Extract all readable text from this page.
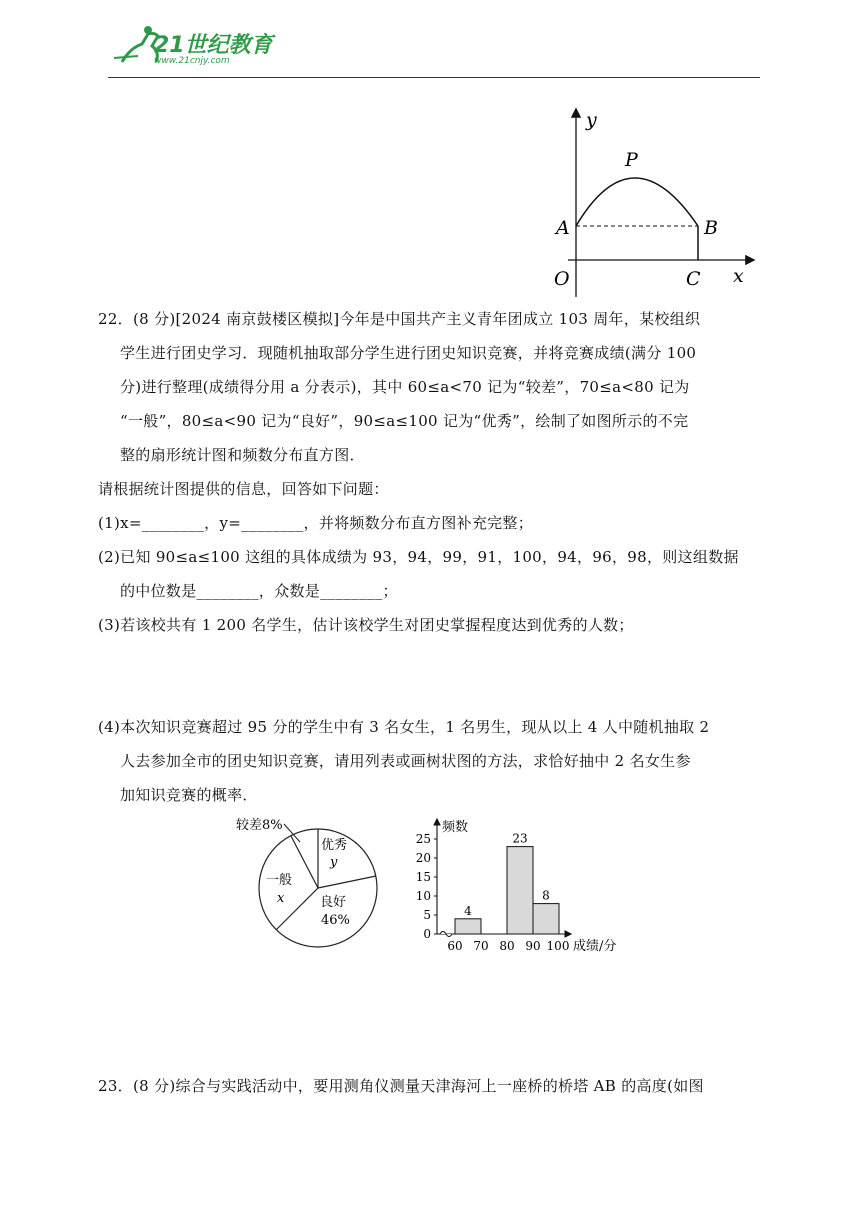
21世纪教育
www.21cnjy.com
y
P
A	B
O	C x
22．(8 分)[2024 南京鼓楼区模拟]今年是中国共产主义青年团成立 103 周年，某校组织
学生进行团史学习．现随机抽取部分学生进行团史知识竞赛，并将竞赛成绩(满分 100
分)进行整理(成绩得分用 a 分表示)，其中 60≤a<70 记为“较差”，70≤a<80 记为
“一般”，80≤a<90 记为“良好”，90≤a≤100 记为“优秀”，绘制了如图所示的不完
整的扇形统计图和频数分布直方图．
请根据统计图提供的信息，回答如下问题：
(1)x=________，y=________，并将频数分布直方图补充完整；
(2)已知 90≤a≤100 这组的具体成绩为 93，94，99，91，100，94，96，98，则这组数据
的中位数是________，众数是________；
(3)若该校共有 1 200 名学生，估计该校学生对团史掌握程度达到优秀的人数；
(4)本次知识竞赛超过 95 分的学生中有 3 名女生，1 名男生，现从以上 4 人中随机抽取 2
人去参加全市的团史知识竞赛，请用列表或画树状图的方法，求恰好抽中 2 名女生参
加知识竞赛的概率．
较差8%
优秀
y
一般
x	良好
46%
4
23
8
频数
成绩/分
25
20
15
10
5
0
60 70 80 90 100
23．(8 分)综合与实践活动中，要用测角仪测量天津海河上一座桥的桥塔 AB 的高度(如图
